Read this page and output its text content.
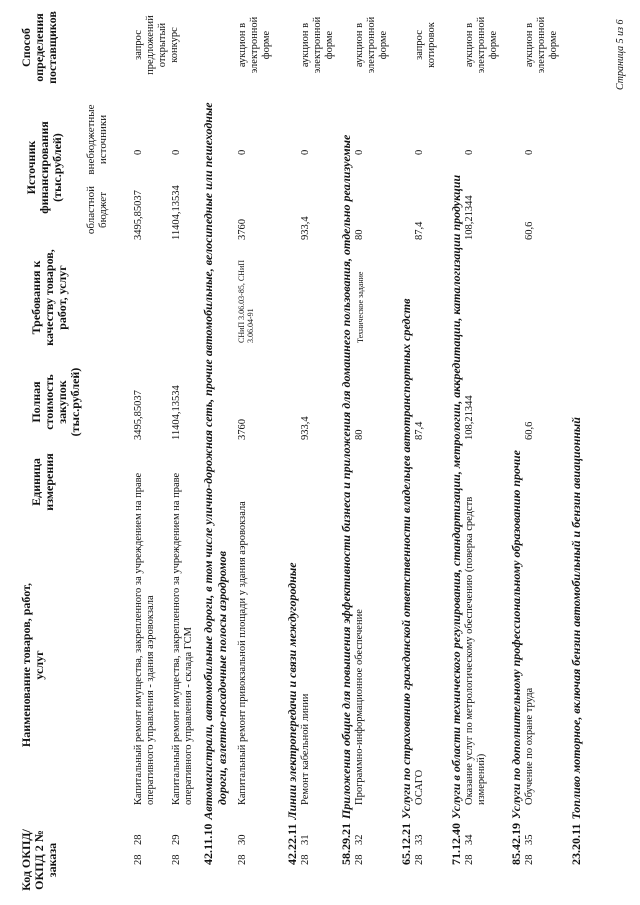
Код ОКПД/ ОКПД 2 № заказа
Наименование товаров, работ, услуг
Единица измерения
Полная стоимость закупок (тыс.рублей)
Требования к качеству товаров, работ, услуг
Источник финансирования (тыс.рублей)
областной бюджет
внебюджетные источники
Способ определения поставщиков
28
28
Капитальный ремонт имущества, закрепленного за учреждением на праве оперативного управления - здания аэровокзала
3495,85037
3495,85037
0
запрос предложений открытый конкурс
28
29
Капитальный ремонт имущества, закрепленного за учреждением на праве оперативного управления - склада ГСМ
11404,13534
11404,13534
0
42.11.10Автомагистрали, автомобильные дороги, в том числе улично-дорожная сеть, прочие автомобильные, велосипедные или пешеходные дороги, взлетно-посадочные полосы аэродромов
28
30
Капитальный ремонт привокзальной площади у здания аэровокзала
3760
СНиП 3.06.03-85, СНиП 3.06.04-91
3760
0
аукцион в электронной форме
42.22.11Линии электропередачи и связи междугородные
28
31
Ремонт кабельной линии
933,4
933,4
0
аукцион в электронной форме
58.29.21Приложения общие для повышения эффективности бизнеса и приложения для домашнего пользования, отдельно реализуемые
28
32
Программно-информационное обеспечение
80
Техническое задание
80
0
аукцион в электронной форме
65.12.21Услуги по страхованию гражданской ответственности владельцев автотранспортных средств
28
33
ОСАГО
87,4
87,4
0
запрос котировок
71.12.40Услуги в области технического регулирования, стандартизации, метрологии, аккредитации, каталогизации продукции
28
34
Оказание услуг по метрологическому обеспечению (поверка средств измерений)
108,21344
108,21344
0
аукцион в электронной форме
85.42.19Услуги по дополнительному профессиональному образованию прочие
28
35
Обучение по охране труда
60,6
60,6
0
аукцион в электронной форме
23.20.11Топливо моторное, включая бензин автомобильный и бензин авиационный
Страница 5 из 6
